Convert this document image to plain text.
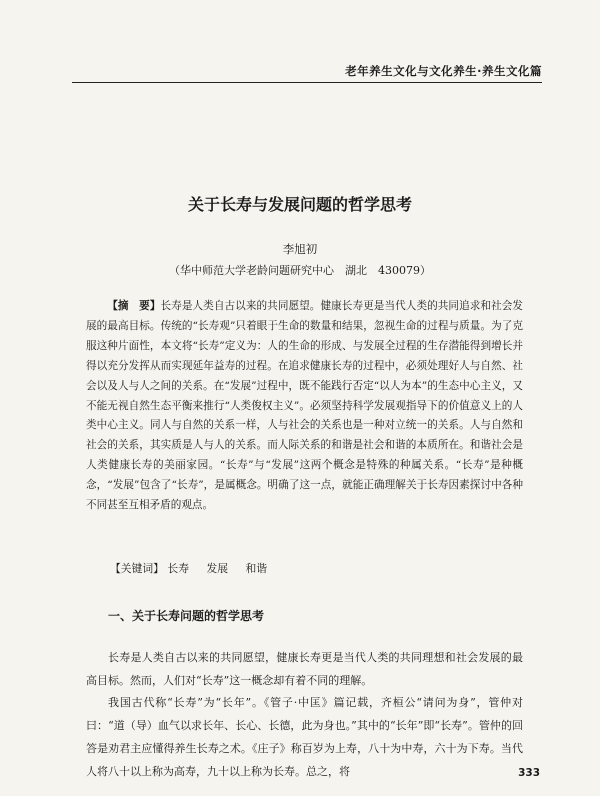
老年养生文化与文化养生·养生文化篇
关于长寿与发展问题的哲学思考
李旭初
（华中师范大学老龄问题研究中心　湖北　430079）

【摘　要】长寿是人类自古以来的共同愿望。健康长寿更是当代人类的共同追求和社会发展的最高目标。传统的“长寿观”只着眼于生命的数量和结果，忽视生命的过程与质量。为了克服这种片面性，本文将“长寿”定义为：人的生命的形成、与发展全过程的生存潜能得到增长并得以充分发挥从而实现延年益寿的过程。在追求健康长寿的过程中，必须处理好人与自然、社会以及人与人之间的关系。在“发展”过程中，既不能践行否定“以人为本”的生态中心主义，又不能无视自然生态平衡来推行“人类俊权主义”。必须坚持科学发展观指导下的价值意义上的人类中心主义。同人与自然的关系一样，人与社会的关系也是一种对立统一的关系。人与自然和社会的关系，其实质是人与人的关系。而人际关系的和谐是社会和谐的本质所在。和谐社会是人类健康长寿的美丽家园。“长寿”与“发展”这两个概念是特殊的种属关系。“长寿”是种概念，“发展”包含了“长寿”，是属概念。明确了这一点，就能正确理解关于长寿因素探讨中各种不同甚至互相矛盾的观点。

【关键词】 长寿 发展 和谐
一、关于长寿问题的哲学思考

长寿是人类自古以来的共同愿望，健康长寿更是当代人类的共同理想和社会发展的最高目标。然而，人们对“长寿”这一概念却有着不同的理解。

我国古代称“长寿”为“长年”。《管子·中匡》篇记载，齐桓公“请问为身”，管仲对曰：“道（导）血气以求长年、长心、长德，此为身也。”其中的“长年”即“长寿”。管仲的回答是劝君主应懂得养生长寿之术。《庄子》称百岁为上寿，八十为中寿，六十为下寿。当代人将八十以上称为高寿，九十以上称为长寿。总之，将	333
